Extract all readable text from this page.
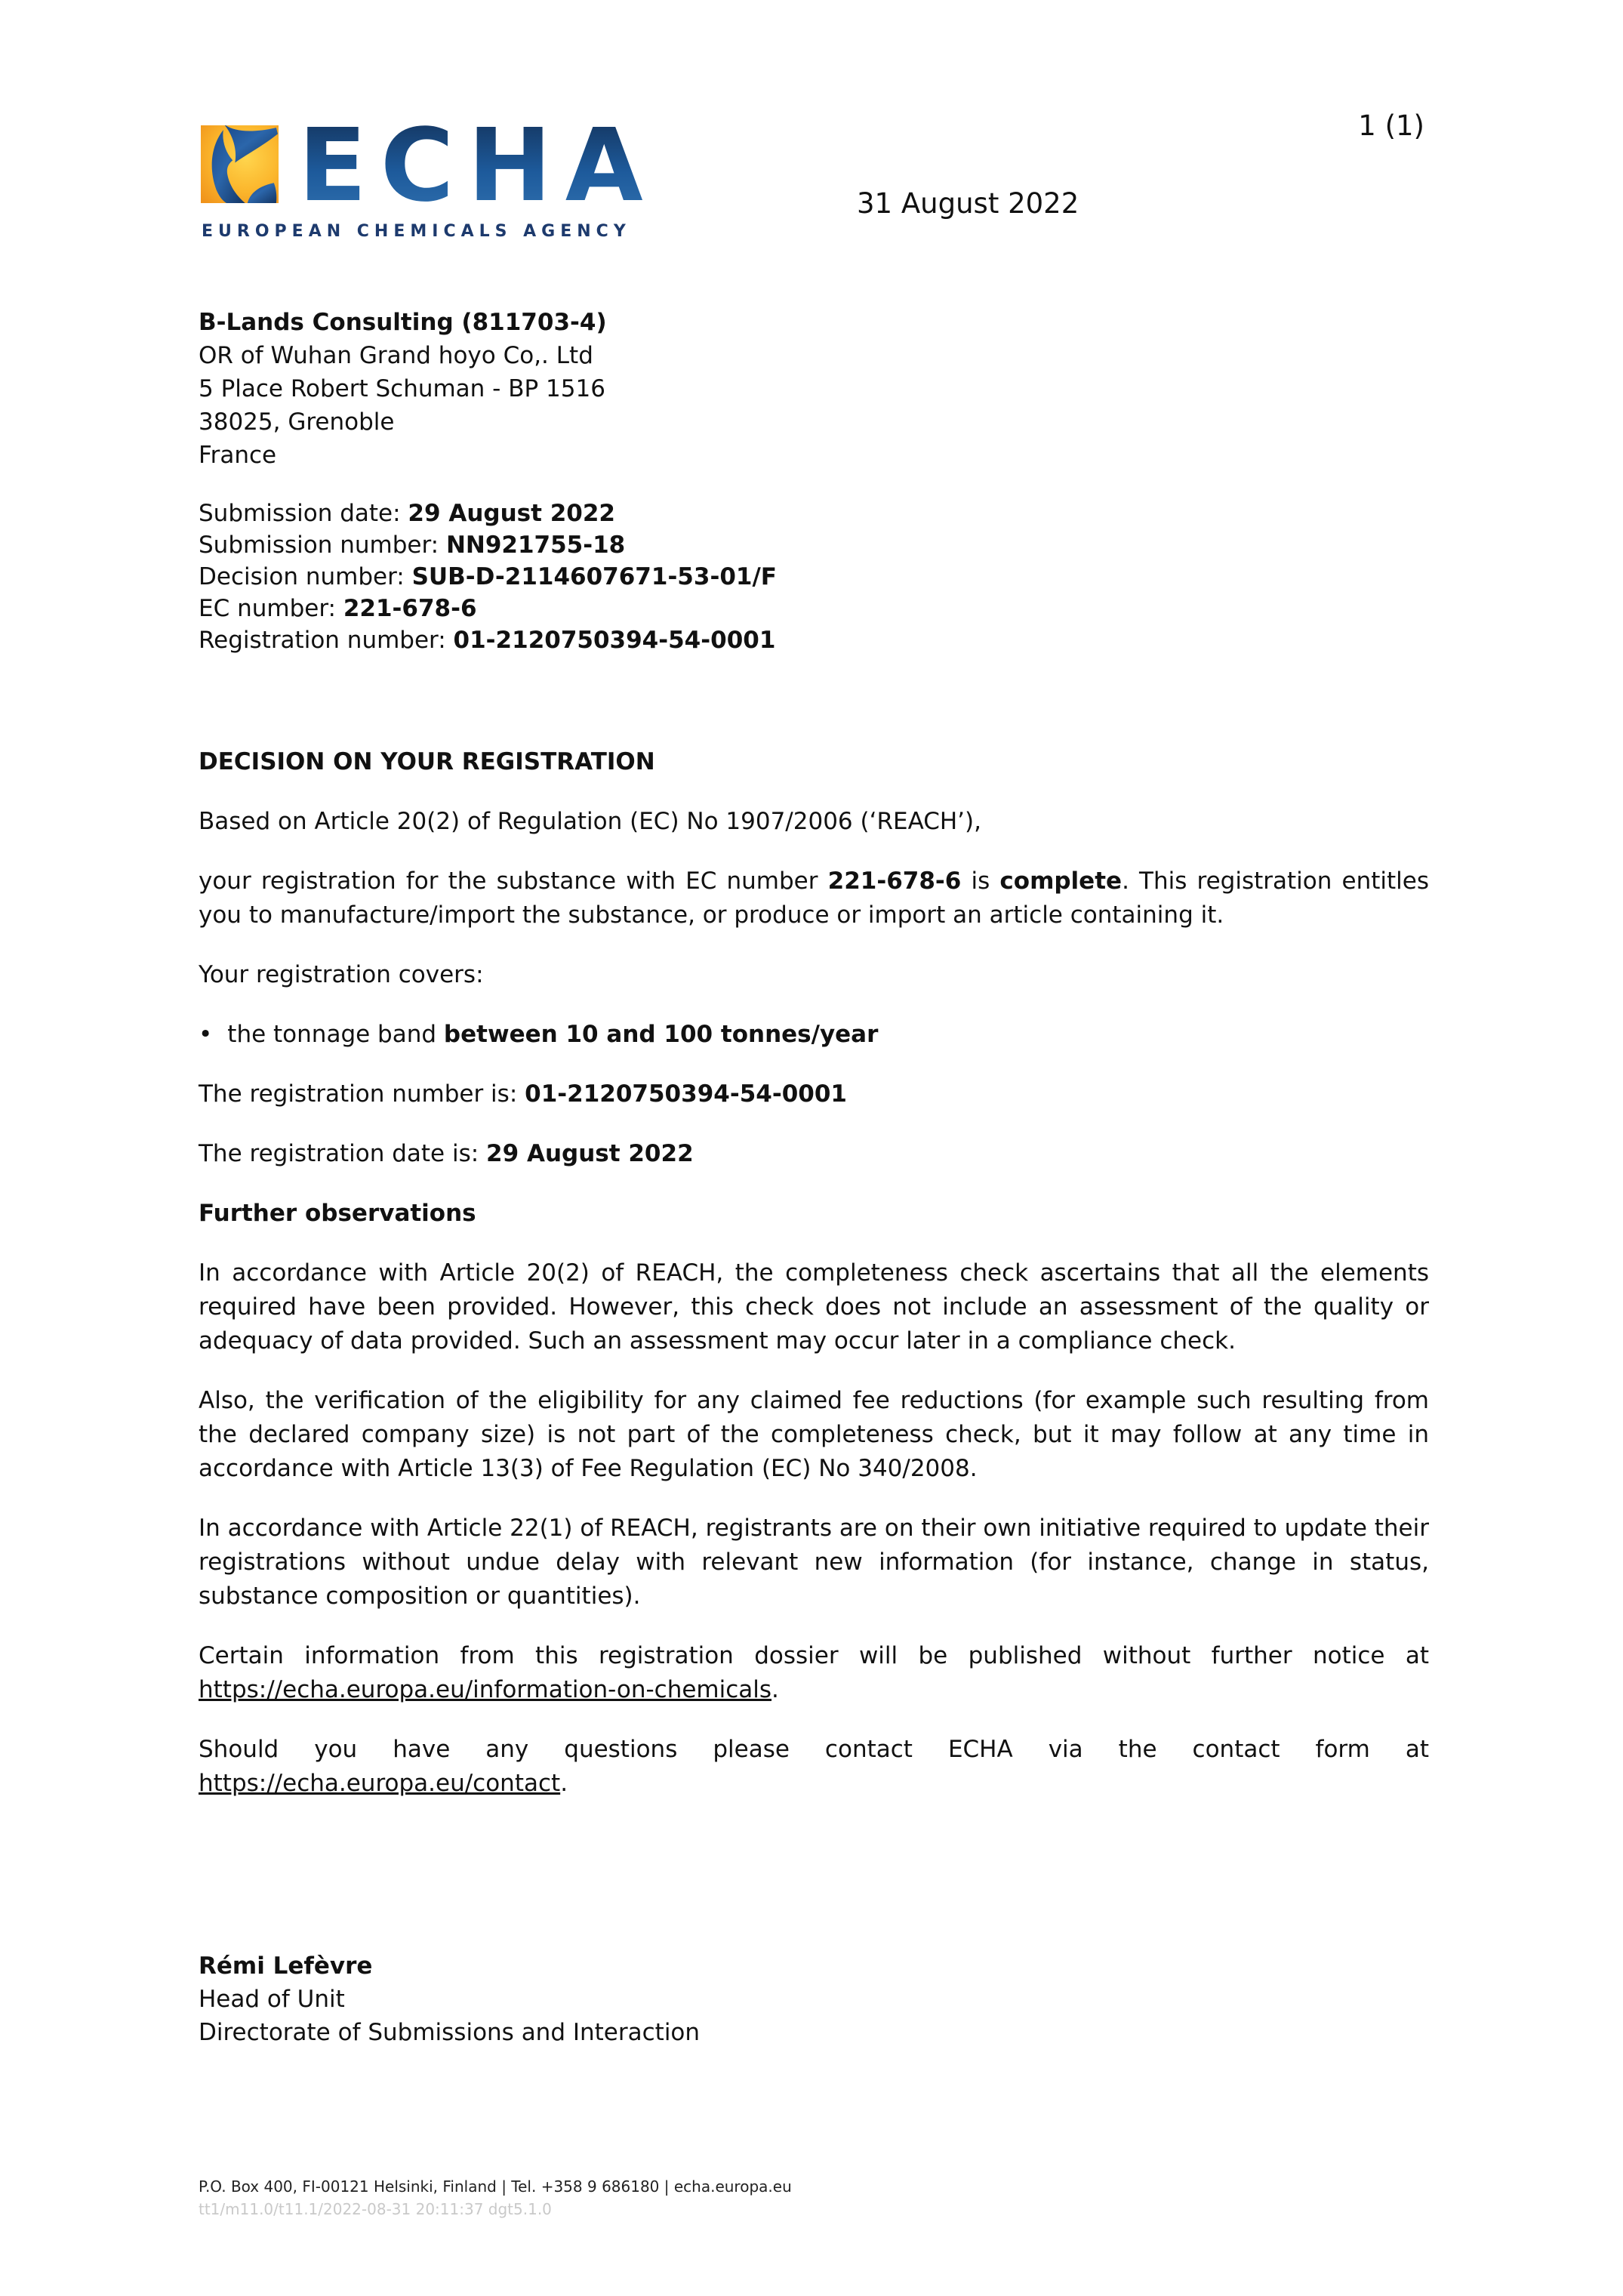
ECHA
EUROPEAN CHEMICALS AGENCY
1 (1)
31 August 2022
B-Lands Consulting (811703-4)
OR of Wuhan Grand hoyo Co,. Ltd
5 Place Robert Schuman - BP 1516
38025, Grenoble
France
Submission date: 29 August 2022
Submission number: NN921755-18
Decision number: SUB-D-2114607671-53-01/F
EC number: 221-678-6
Registration number: 01-2120750394-54-0001
DECISION ON YOUR REGISTRATION
Based on Article 20(2) of Regulation (EC) No 1907/2006 (‘REACH’),
your registration for the substance with EC number 221-678-6 is complete. This registration entitles you to manufacture/import the substance, or produce or import an article containing it.
Your registration covers:
• the tonnage band between 10 and 100 tonnes/year
The registration number is: 01-2120750394-54-0001
The registration date is: 29 August 2022
Further observations
In accordance with Article 20(2) of REACH, the completeness check ascertains that all the elements required have been provided. However, this check does not include an assessment of the quality or adequacy of data provided. Such an assessment may occur later in a compliance check.
Also, the verification of the eligibility for any claimed fee reductions (for example such resulting from the declared company size) is not part of the completeness check, but it may follow at any time in accordance with Article 13(3) of Fee Regulation (EC) No 340/2008.
In accordance with Article 22(1) of REACH, registrants are on their own initiative required to update their registrations without undue delay with relevant new information (for instance, change in status, substance composition or quantities).
Certain information from this registration dossier will be published without further notice at https://echa.europa.eu/information-on-chemicals.
Should you have any questions please contact ECHA via the contact form at https://echa.europa.eu/contact.
Rémi Lefèvre
Head of Unit
Directorate of Submissions and Interaction
P.O. Box 400, FI-00121 Helsinki, Finland | Tel. +358 9 686180 | echa.europa.eu
tt1/m11.0/t11.1/2022-08-31 20:11:37 dgt5.1.0
